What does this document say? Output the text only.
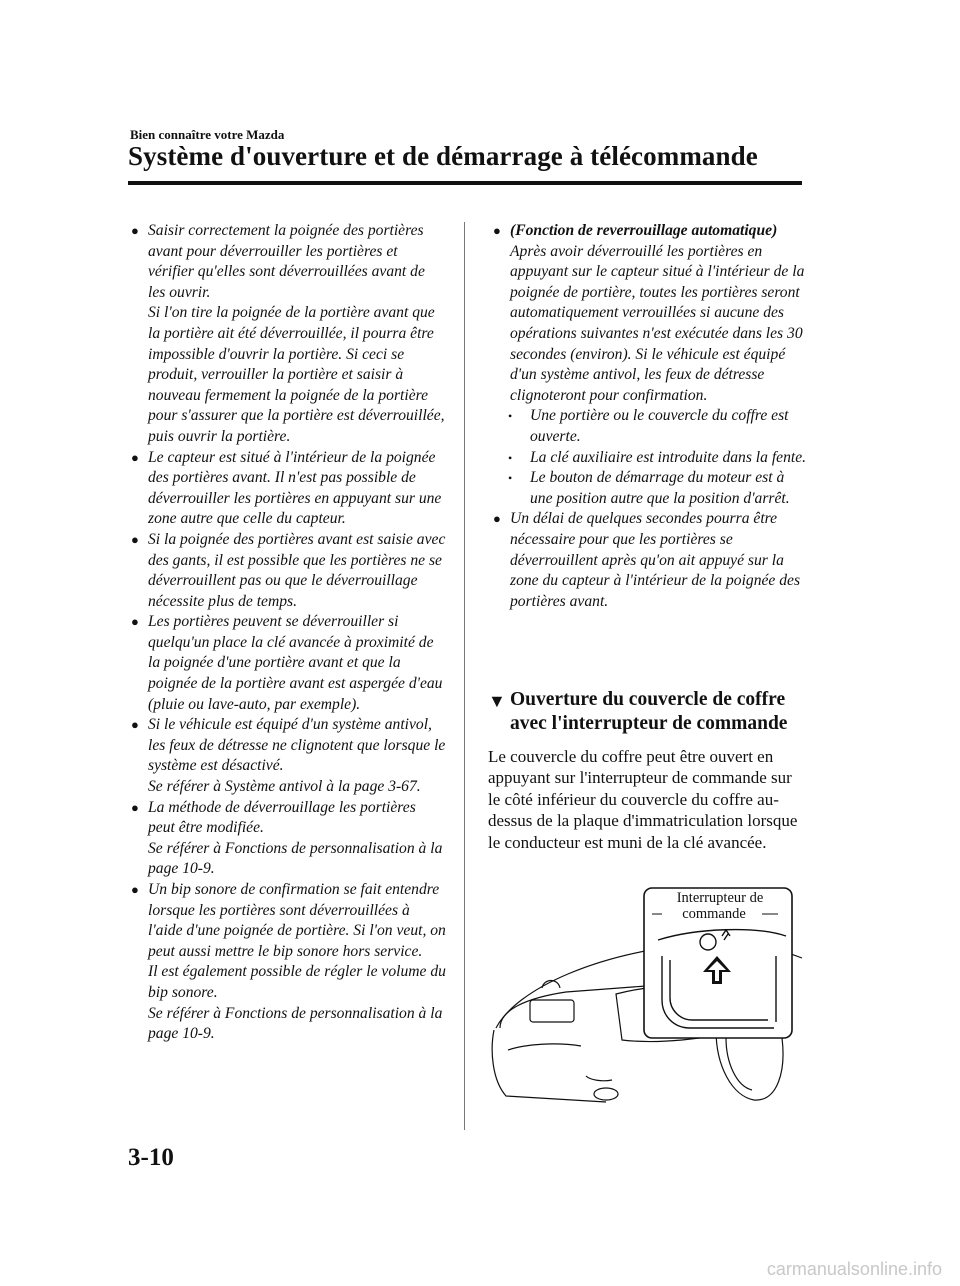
Bien connaître votre Mazda
Système d'ouverture et de démarrage à télécommande
● Saisir correctement la poignée des portières avant pour déverrouiller les portières et vérifier qu'elles sont déverrouillées avant de les ouvrir.
Si l'on tire la poignée de la portière avant que la portière ait été déverrouillée, il pourra être impossible d'ouvrir la portière. Si ceci se produit, verrouiller la portière et saisir à nouveau fermement la poignée de la portière pour s'assurer que la portière est déverrouillée, puis ouvrir la portière.
● Le capteur est situé à l'intérieur de la poignée des portières avant. Il n'est pas possible de déverrouiller les portières en appuyant sur une zone autre que celle du capteur.
● Si la poignée des portières avant est saisie avec des gants, il est possible que les portières ne se déverrouillent pas ou que le déverrouillage nécessite plus de temps.
● Les portières peuvent se déverrouiller si quelqu'un place la clé avancée à proximité de la poignée d'une portière avant et que la poignée de la portière avant est aspergée d'eau (pluie ou lave-auto, par exemple).
● Si le véhicule est équipé d'un système antivol, les feux de détresse ne clignotent que lorsque le système est désactivé.
Se référer à Système antivol à la page 3-67.
● La méthode de déverrouillage les portières peut être modifiée.
Se référer à Fonctions de personnalisation à la page 10-9.
● Un bip sonore de confirmation se fait entendre lorsque les portières sont déverrouillées à l'aide d'une poignée de portière. Si l'on veut, on peut aussi mettre le bip sonore hors service.
Il est également possible de régler le volume du bip sonore.
Se référer à Fonctions de personnalisation à la page 10-9.
● (Fonction de reverrouillage automatique)
Après avoir déverrouillé les portières en appuyant sur le capteur situé à l'intérieur de la poignée de portière, toutes les portières seront automatiquement verrouillées si aucune des opérations suivantes n'est exécutée dans les 30 secondes (environ). Si le véhicule est équipé d'un système antivol, les feux de détresse clignoteront pour confirmation.
• Une portière ou le couvercle du coffre est ouverte.
• La clé auxiliaire est introduite dans la fente.
• Le bouton de démarrage du moteur est à une position autre que la position d'arrêt.
● Un délai de quelques secondes pourra être nécessaire pour que les portières se déverrouillent après qu'on ait appuyé sur la zone du capteur à l'intérieur de la poignée des portières avant.
▼ Ouverture du couvercle de coffre avec l'interrupteur de commande
Le couvercle du coffre peut être ouvert en appuyant sur l'interrupteur de commande sur le côté inférieur du couvercle du coffre au-dessus de la plaque d'immatriculation lorsque le conducteur est muni de la clé avancée.
Interrupteur de
commande
3-10
carmanualsonline.info
